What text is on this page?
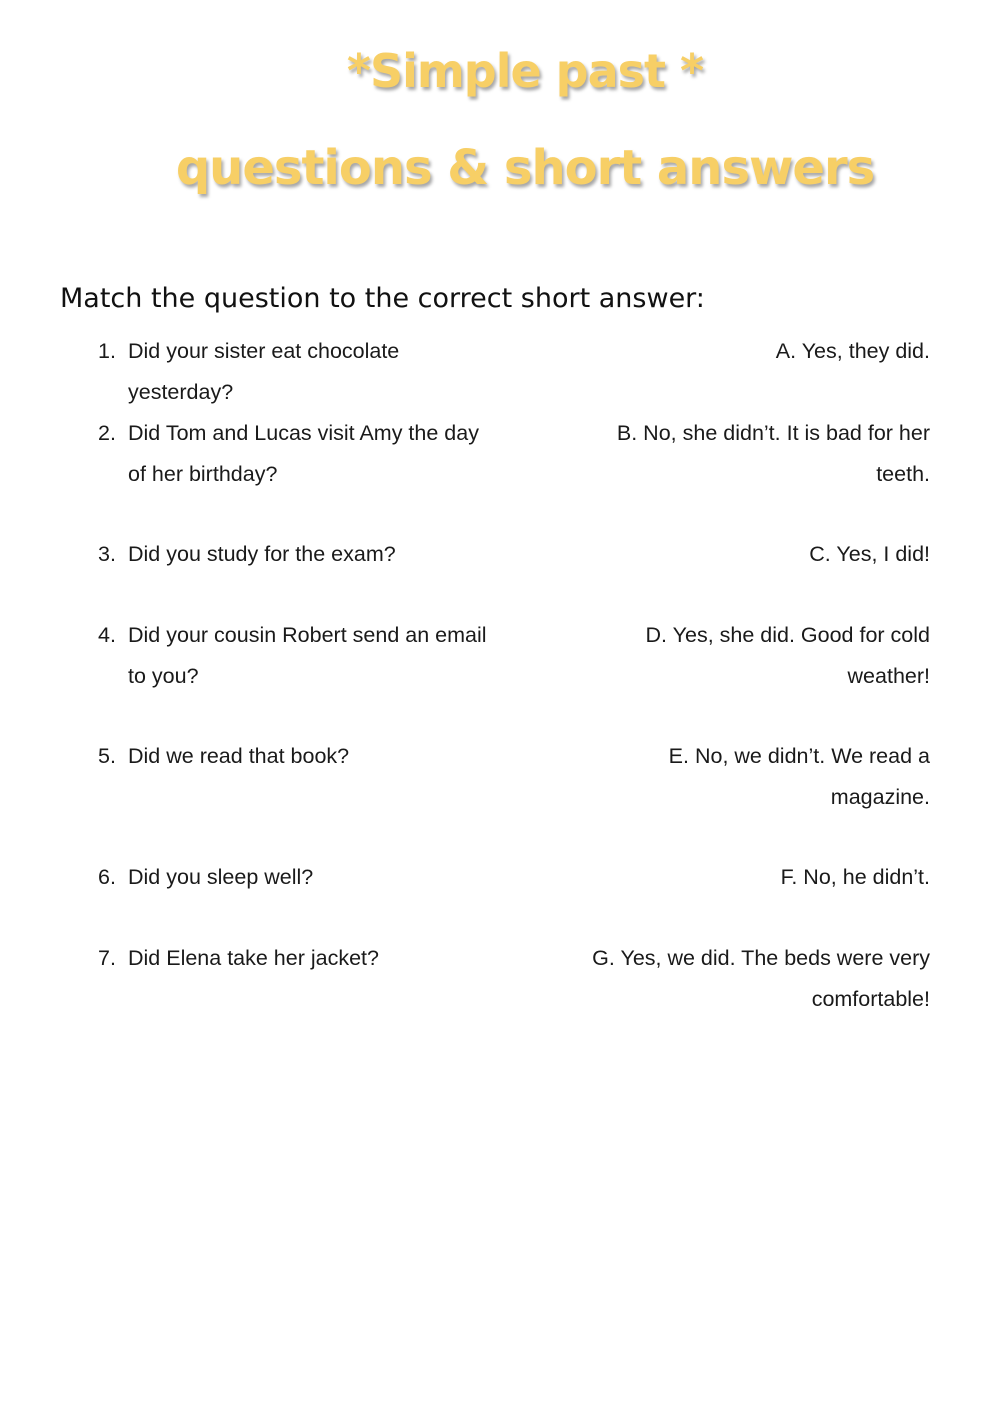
*Simple past *
questions & short answers

Match the question to the correct short answer:

1. Did your sister eat chocolate yesterday?
2. Did Tom and Lucas visit Amy the day of her birthday?
3. Did you study for the exam?
4. Did your cousin Robert send an email to you?
5. Did we read that book?
6. Did you sleep well?
7. Did Elena take her jacket?
A. Yes, they did.
B. No, she didn’t. It is bad for her teeth.
C. Yes, I did!
D. Yes, she did. Good for cold weather!
E. No, we didn’t. We read a magazine.
F. No, he didn’t.
G. Yes, we did. The beds were very comfortable!
